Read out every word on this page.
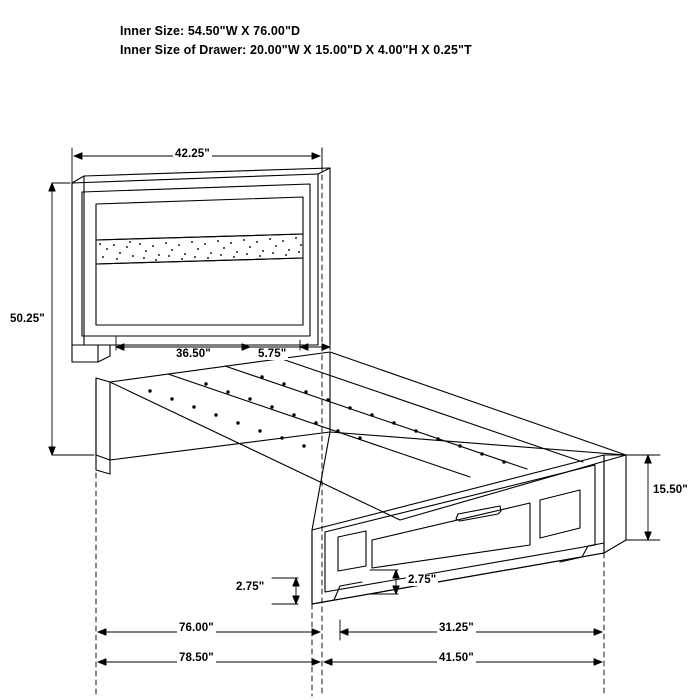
Inner Size: 54.50"W X 76.00"D
Inner Size of Drawer: 20.00"W X 15.00"D X 4.00"H X 0.25"T
42.25"
50.25"
36.50"	5.75"
15.50"
2.75"
2.75"
76.00"	31.25"
78.50"	41.50"
